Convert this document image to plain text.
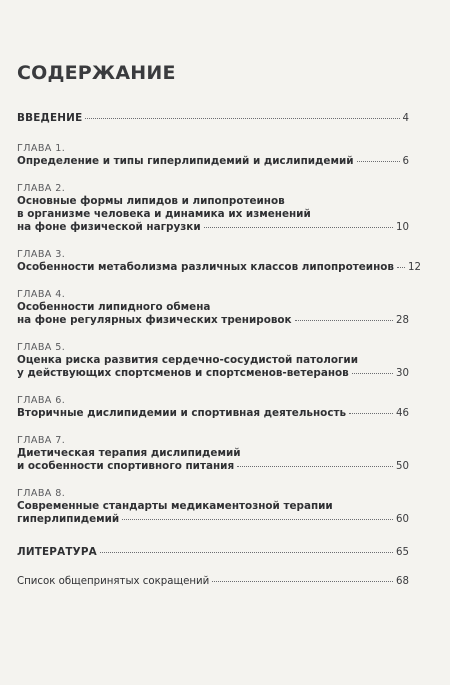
СОДЕРЖАНИЕ
ВВЕДЕНИЕ	4
ГЛАВА 1.
Определение и типы гиперлипидемий и дислипидемий	6
ГЛАВА 2.
Основные формы липидов и липопротеинов
в организме человека и динамика их изменений
на фоне физической нагрузки	10
ГЛАВА 3.
Особенности метаболизма различных классов липопротеинов 12
ГЛАВА 4.
Особенности липидного обмена
на фоне регулярных физических тренировок	28
ГЛАВА 5.
Оценка риска развития сердечно-сосудистой патологии
у действующих спортсменов и спортсменов-ветеранов	30
ГЛАВА 6.
Вторичные дислипидемии и спортивная деятельность	46
ГЛАВА 7.
Диетическая терапия дислипидемий
и особенности спортивного питания	50
ГЛАВА 8.
Современные стандарты медикаментозной терапии
гиперлипидемий	60
ЛИТЕРАТУРА	65
Список общепринятых сокращений	68
